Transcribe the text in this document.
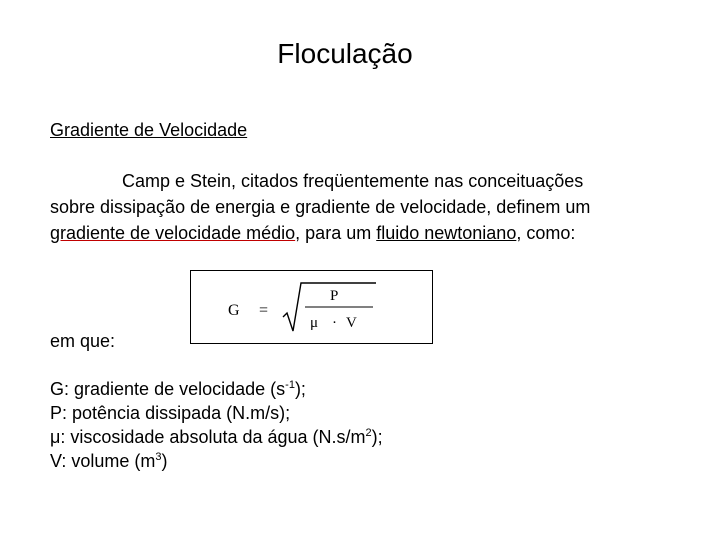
Floculação
Gradiente de Velocidade
Camp e Stein, citados freqüentemente nas conceituações
sobre dissipação de energia e gradiente de velocidade, definem um
gradiente de velocidade médio, para um fluido newtoniano, como:
G =
P
μ · V
em que:
G: gradiente de velocidade $(s^{-1})$;
P: potência dissipada (N.m/s);
μ: viscosidade absoluta da água $(N.s/m^2)$;
V: volume $(m^3)$
